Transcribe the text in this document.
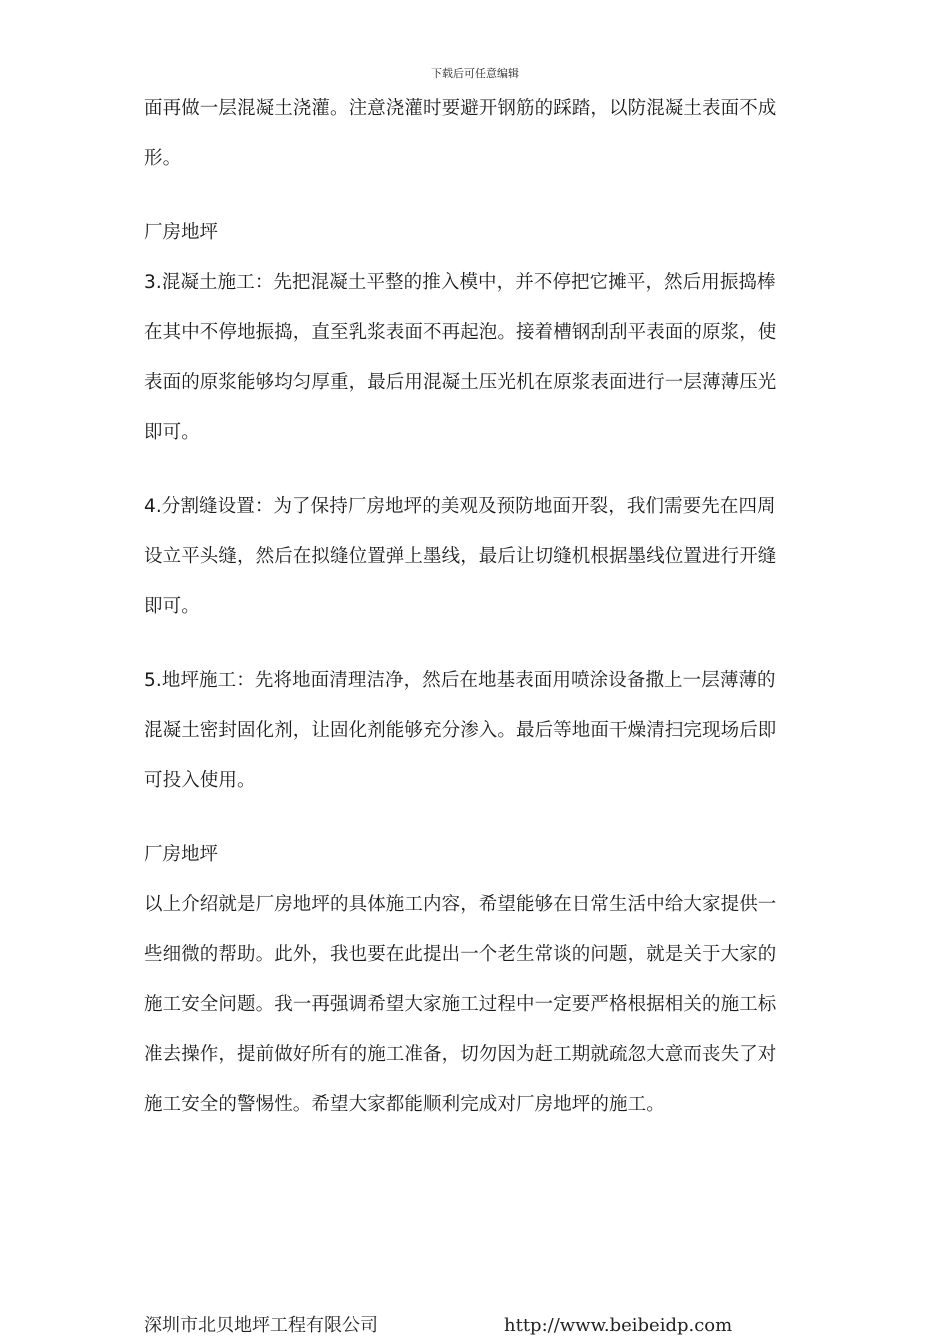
下载后可任意编辑

面再做一层混凝土浇灌。注意浇灌时要避开钢筋的踩踏，以防混凝土表面不成

形。

厂房地坪

3.混凝土施工：先把混凝土平整的推入模中，并不停把它摊平，然后用振捣棒

在其中不停地振捣，直至乳浆表面不再起泡。接着槽钢刮刮平表面的原浆，使

表面的原浆能够均匀厚重，最后用混凝土压光机在原浆表面进行一层薄薄压光

即可。

4.分割缝设置：为了保持厂房地坪的美观及预防地面开裂，我们需要先在四周

设立平头缝，然后在拟缝位置弹上墨线，最后让切缝机根据墨线位置进行开缝

即可。

5.地坪施工：先将地面清理洁净，然后在地基表面用喷涂设备撒上一层薄薄的

混凝土密封固化剂，让固化剂能够充分渗入。最后等地面干燥清扫完现场后即

可投入使用。

厂房地坪

以上介绍就是厂房地坪的具体施工内容，希望能够在日常生活中给大家提供一

些细微的帮助。此外，我也要在此提出一个老生常谈的问题，就是关于大家的

施工安全问题。我一再强调希望大家施工过程中一定要严格根据相关的施工标

准去操作，提前做好所有的施工准备，切勿因为赶工期就疏忽大意而丧失了对

施工安全的警惕性。希望大家都能顺利完成对厂房地坪的施工。

深圳市北贝地坪工程有限公司	http://www.beibeidp.com
